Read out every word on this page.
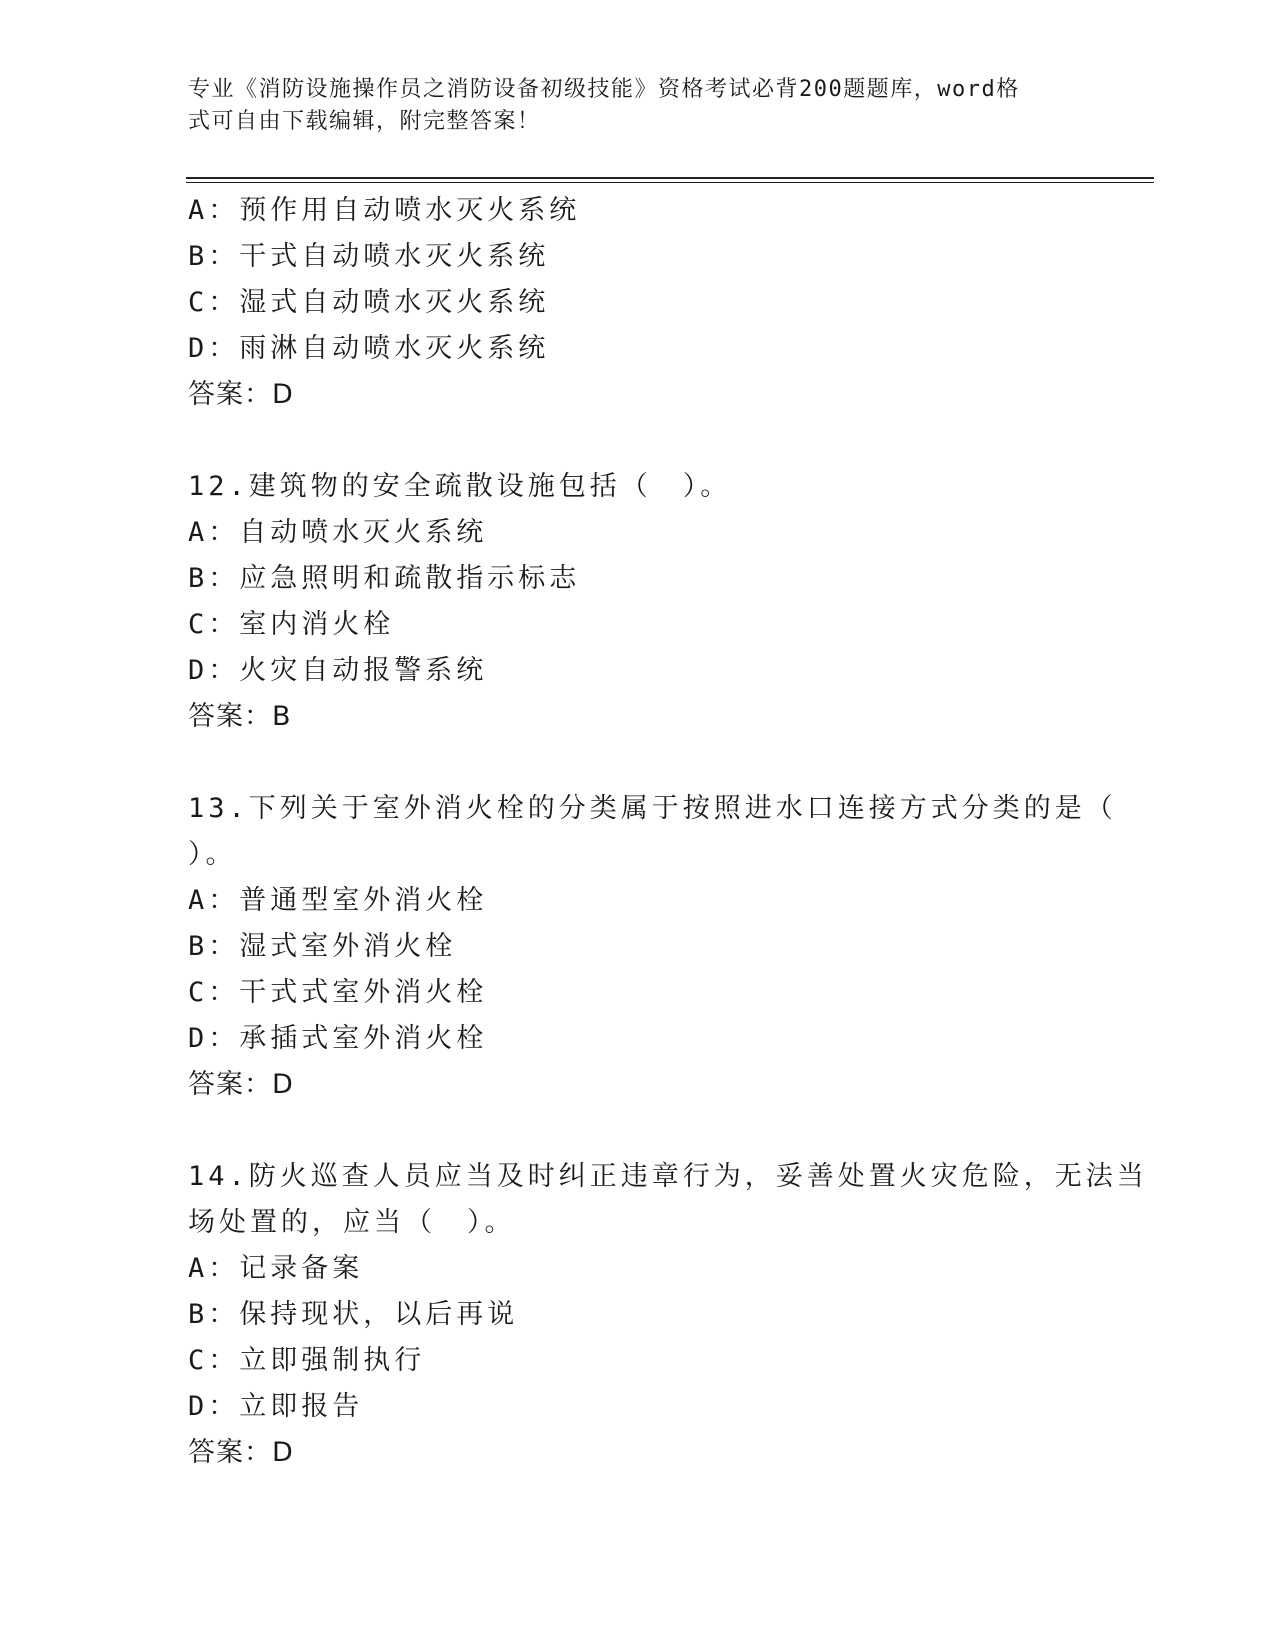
专业《消防设施操作员之消防设备初级技能》资格考试必背200题题库，word格
式可自由下载编辑，附完整答案！
A：预作用自动喷水灭火系统
B：干式自动喷水灭火系统
C：湿式自动喷水灭火系统
D：雨淋自动喷水灭火系统
答案：D
12.建筑物的安全疏散设施包括（　）。
A：自动喷水灭火系统
B：应急照明和疏散指示标志
C：室内消火栓
D：火灾自动报警系统
答案：B
13.下列关于室外消火栓的分类属于按照进水口连接方式分类的是（
）。
A：普通型室外消火栓
B：湿式室外消火栓
C：干式式室外消火栓
D：承插式室外消火栓
答案：D
14.防火巡查人员应当及时纠正违章行为，妥善处置火灾危险，无法当
场处置的，应当（　）。
A：记录备案
B：保持现状，以后再说
C：立即强制执行
D：立即报告
答案：D
